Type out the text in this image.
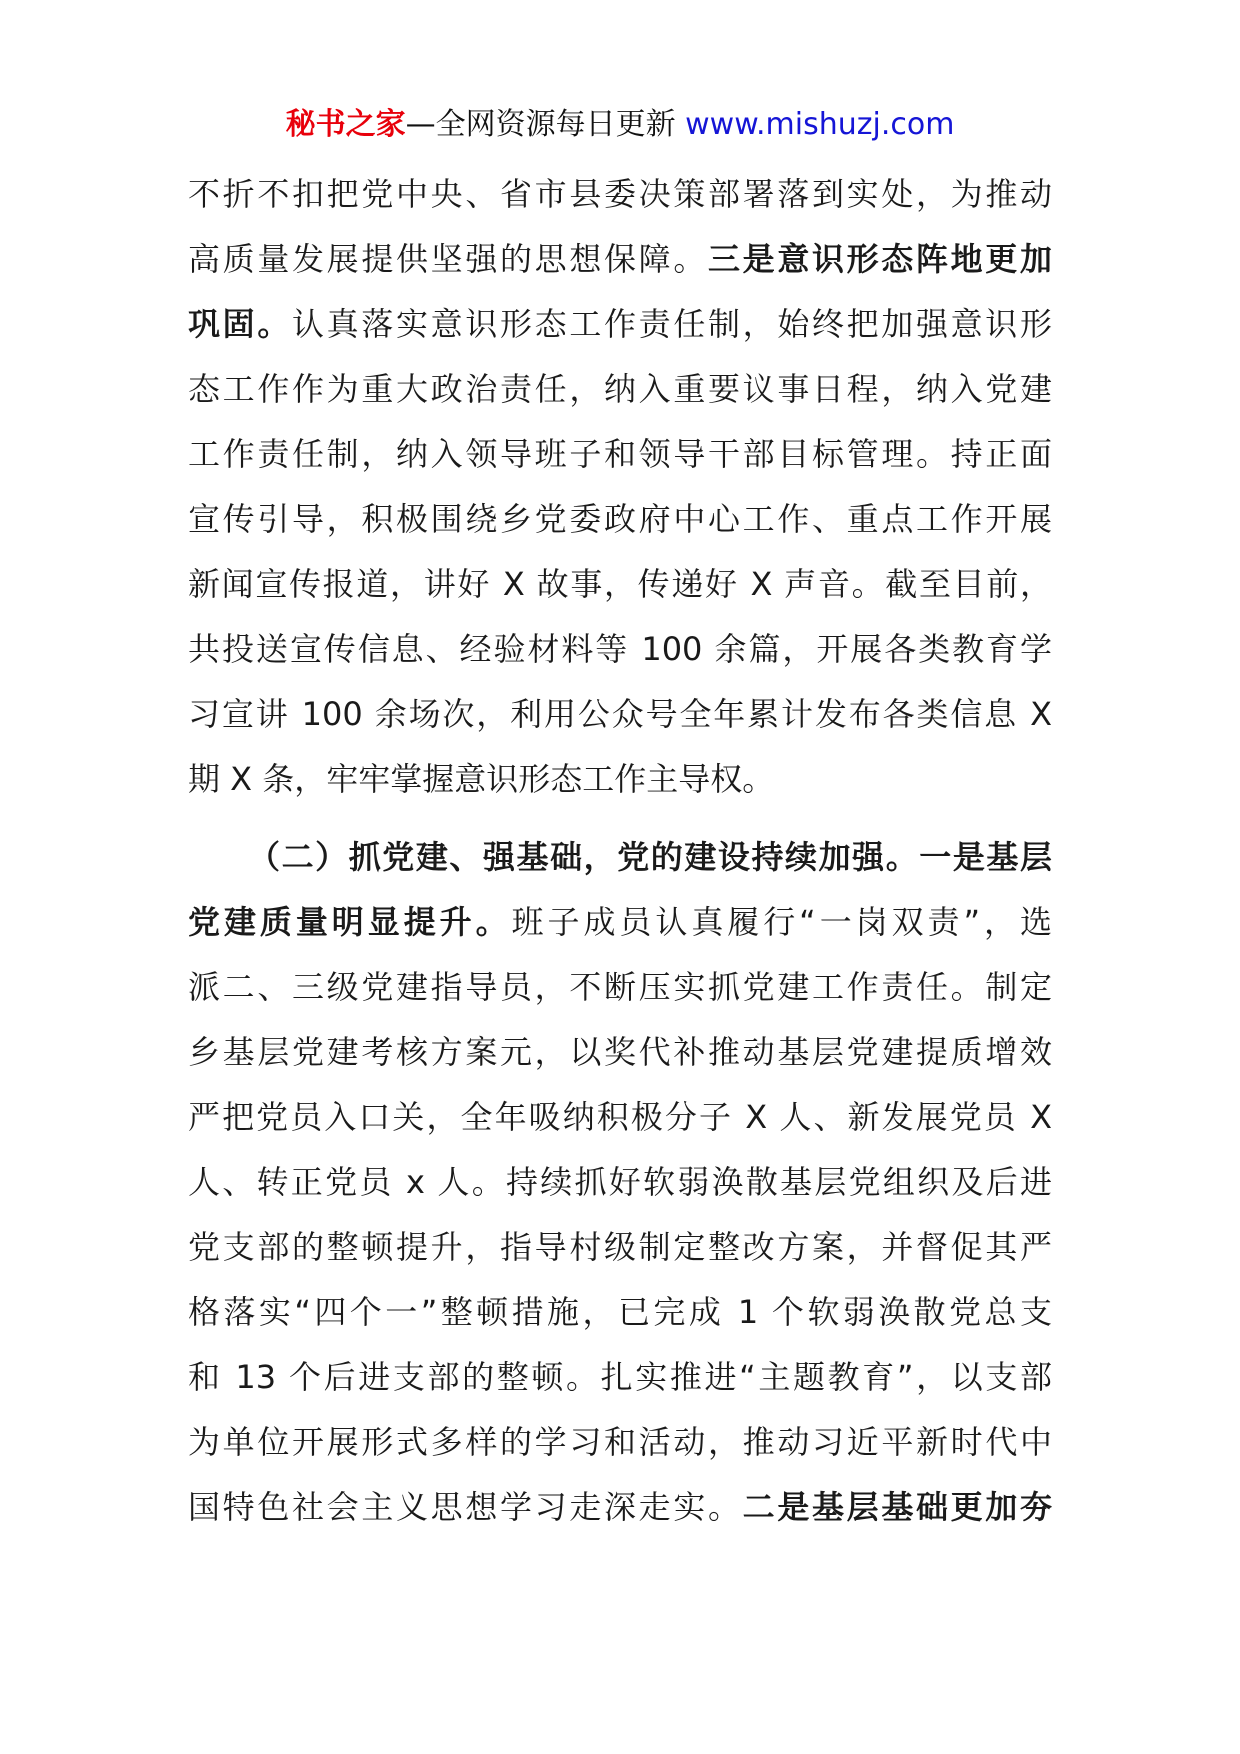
秘书之家—全网资源每日更新 www.mishuzj.com
不折不扣把党中央、省市县委决策部署落到实处，为推动
高质量发展提供坚强的思想保障。三是意识形态阵地更加
巩固。认真落实意识形态工作责任制，始终把加强意识形
态工作作为重大政治责任，纳入重要议事日程，纳入党建
工作责任制，纳入领导班子和领导干部目标管理。持正面
宣传引导，积极围绕乡党委政府中心工作、重点工作开展
新闻宣传报道，讲好 X 故事，传递好 X 声音。截至目前，
共投送宣传信息、经验材料等 100 余篇，开展各类教育学
习宣讲 100 余场次，利用公众号全年累计发布各类信息 X
期 X 条，牢牢掌握意识形态工作主导权。
（二）抓党建、强基础，党的建设持续加强。一是基层
党建质量明显提升。班子成员认真履行“一岗双责”，选
派二、三级党建指导员，不断压实抓党建工作责任。制定
乡基层党建考核方案元，以奖代补推动基层党建提质增效
严把党员入口关，全年吸纳积极分子 X 人、新发展党员 X
人、转正党员 x 人。持续抓好软弱涣散基层党组织及后进
党支部的整顿提升，指导村级制定整改方案，并督促其严
格落实“四个一”整顿措施，已完成 1 个软弱涣散党总支
和 13 个后进支部的整顿。扎实推进“主题教育”，以支部
为单位开展形式多样的学习和活动，推动习近平新时代中
国特色社会主义思想学习走深走实。二是基层基础更加夯
